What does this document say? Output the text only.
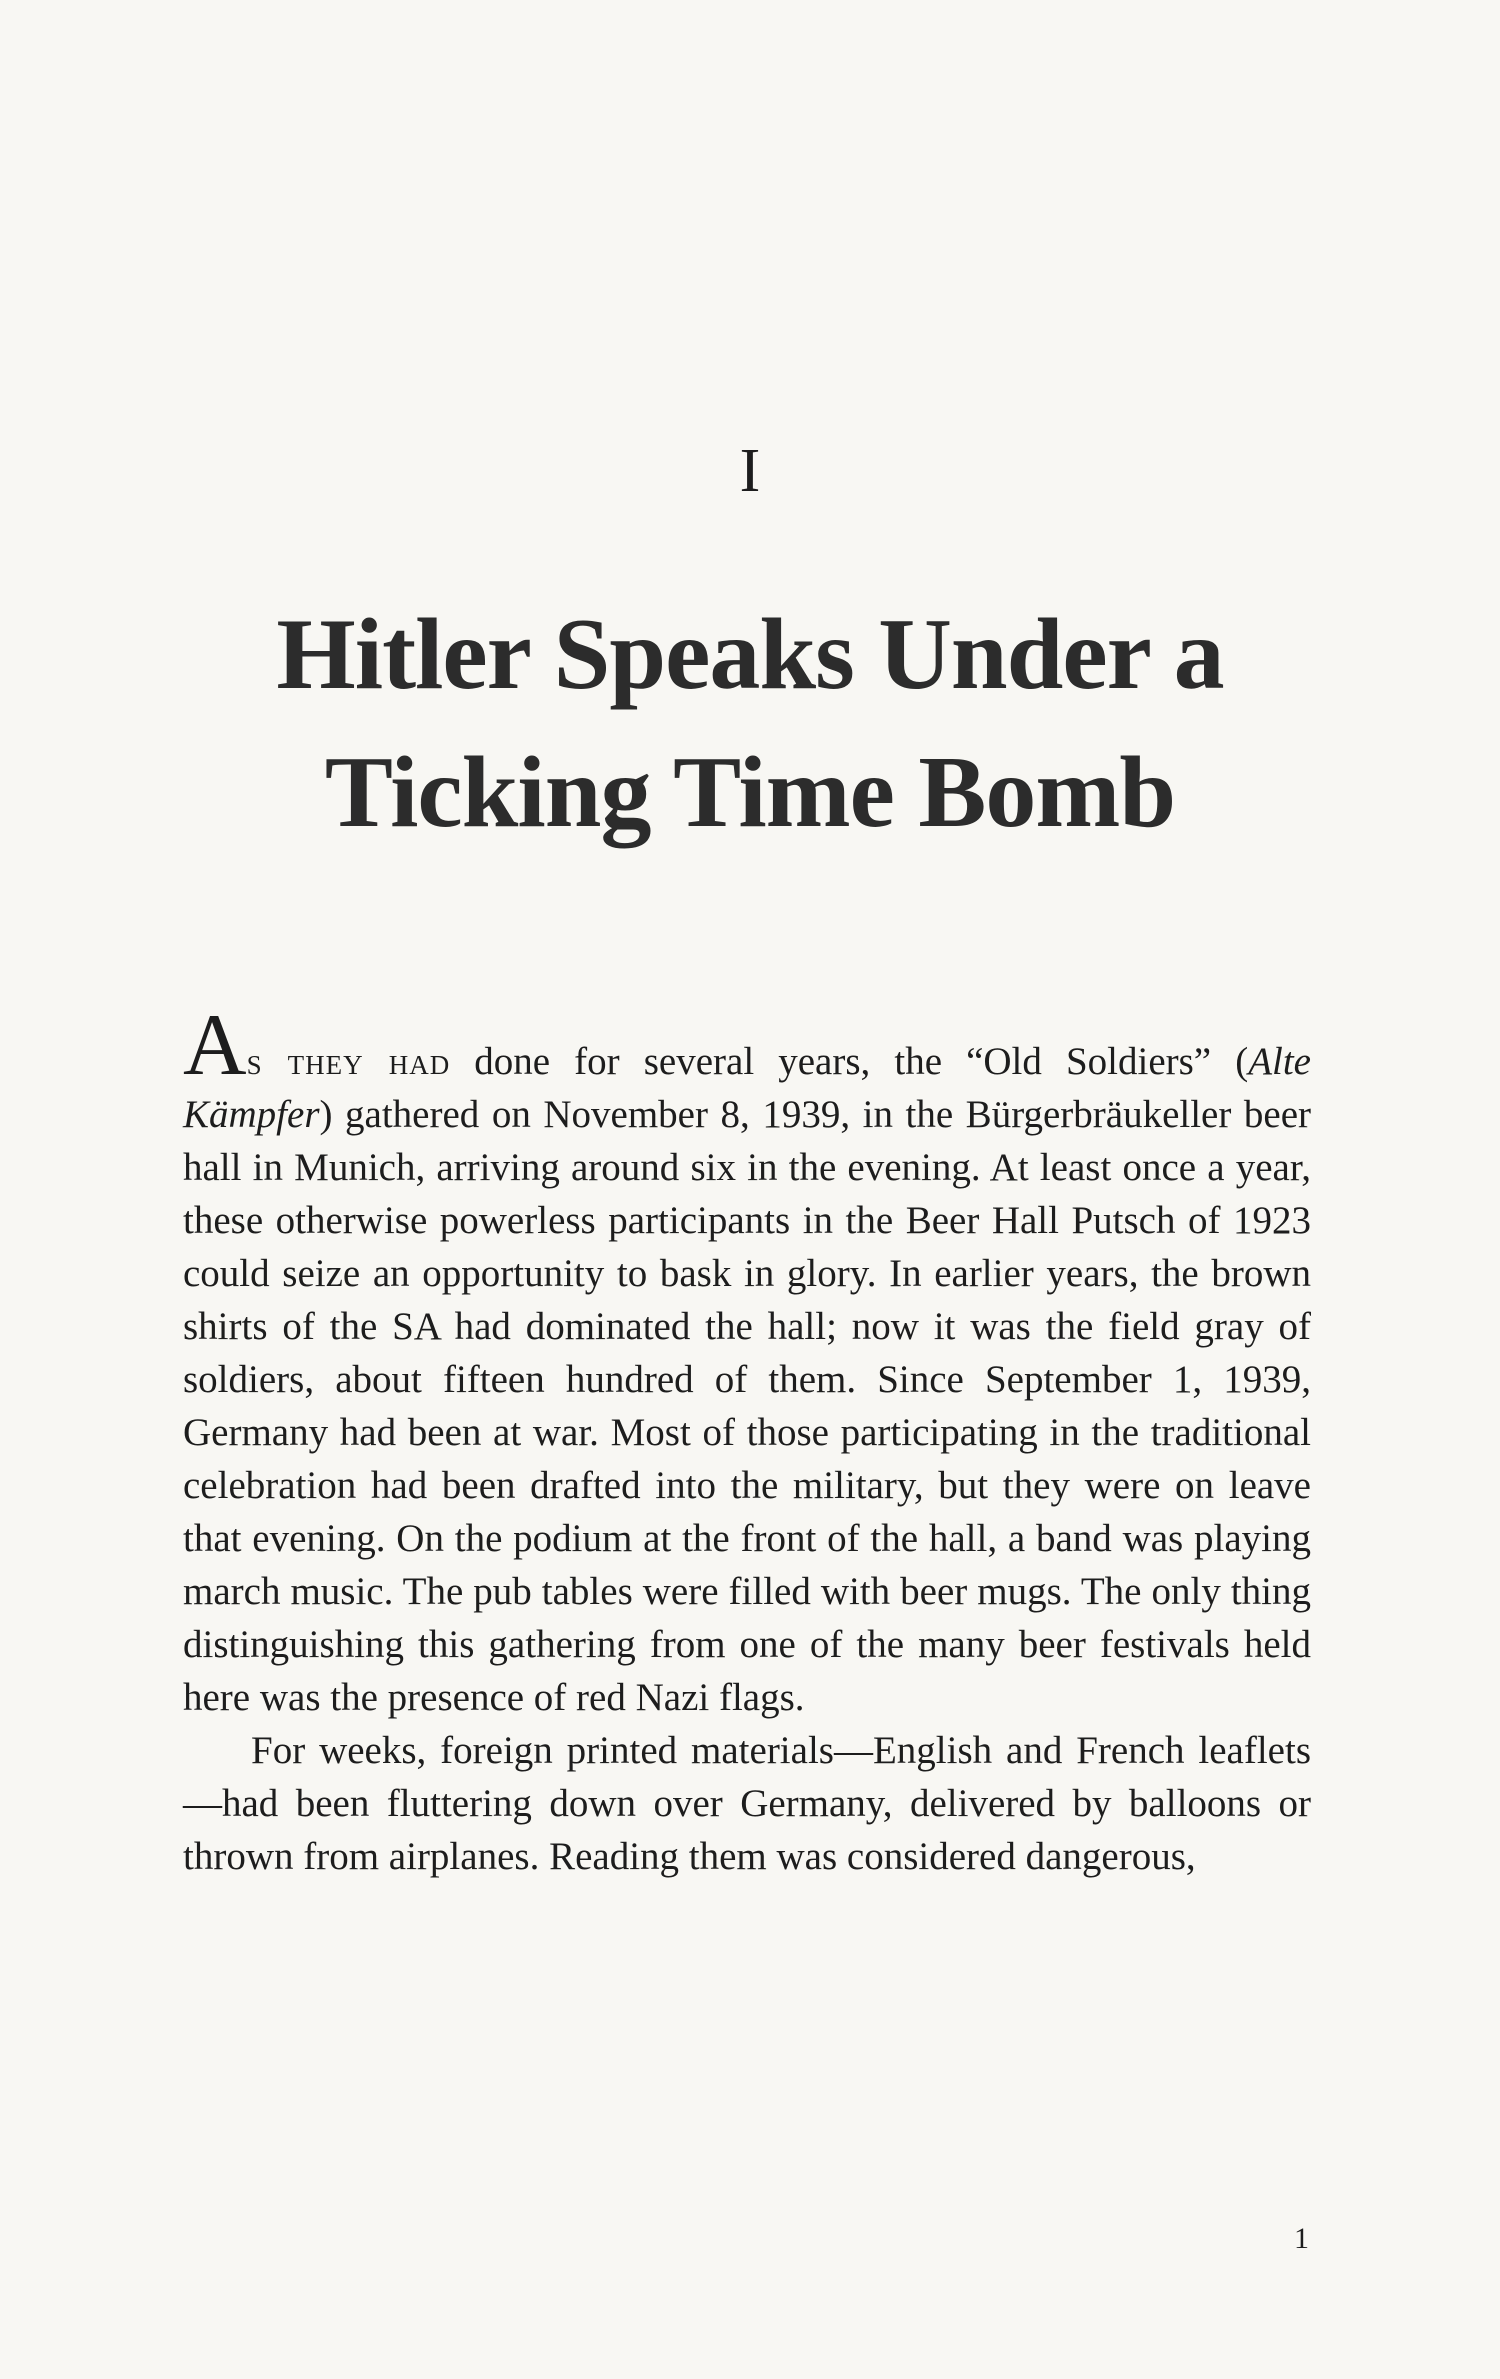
I
Hitler Speaks Under a
Ticking Time Bomb

As they had done for several years, the “Old Soldiers” (Alte Kämpfer) gathered on November 8, 1939, in the Bürgerbräukeller beer hall in Munich, arriving around six in the evening. At least once a year, these otherwise powerless participants in the Beer Hall Putsch of 1923 could seize an opportunity to bask in glory. In earlier years, the brown shirts of the SA had dominated the hall; now it was the field gray of soldiers, about fifteen hundred of them. Since September 1, 1939, Germany had been at war. Most of those participating in the traditional celebration had been drafted into the military, but they were on leave that evening. On the podium at the front of the hall, a band was playing march music. The pub tables were filled with beer mugs. The only thing distinguishing this gathering from one of the many beer festivals held here was the presence of red Nazi flags.

For weeks, foreign printed materials—English and French leaflets—had been fluttering down over Germany, delivered by balloons or thrown from airplanes. Reading them was considered dangerous,

1
